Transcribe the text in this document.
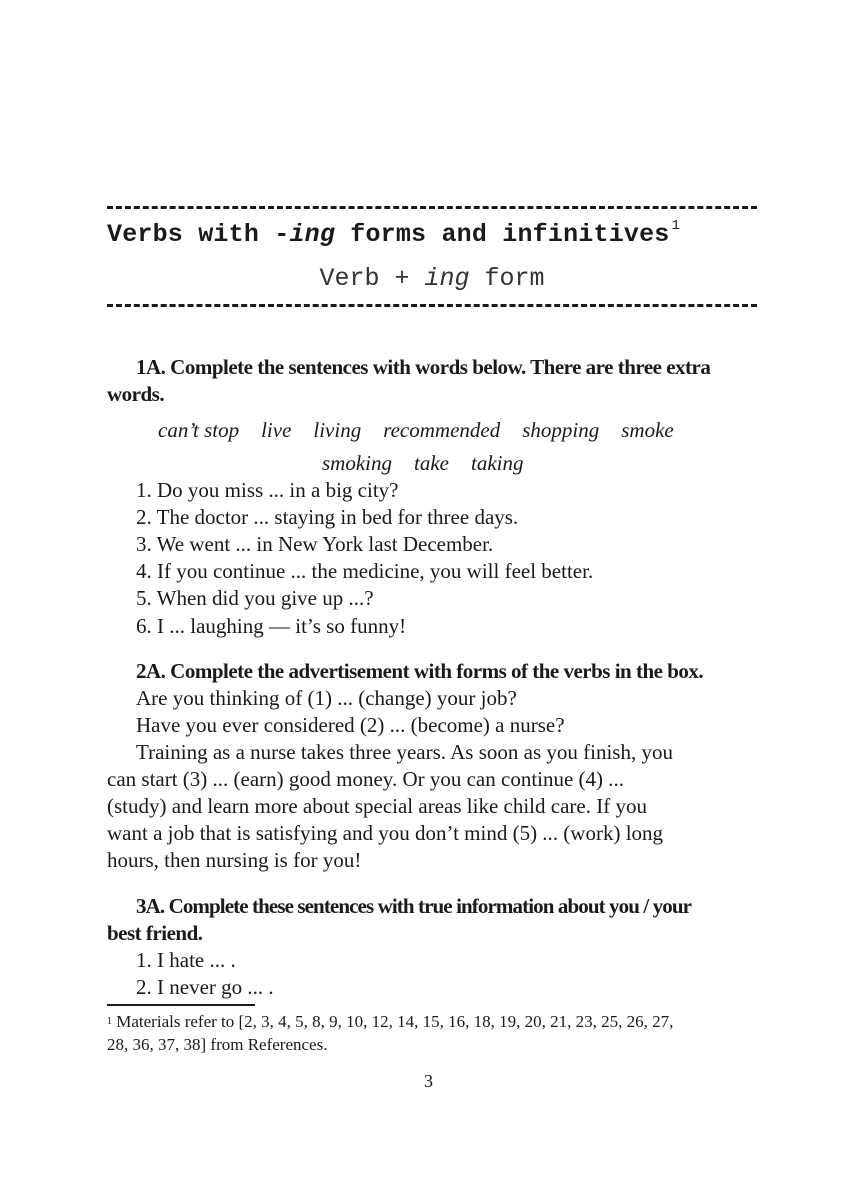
Verbs with -ing forms and infinitives $^1$
Verb + ing form
1A. Complete the sentences with words below. There are three extra
words.
can’t stop live living recommended shopping smoke
smoking take taking
1. Do you miss ... in a big city?
2. The doctor ... staying in bed for three days.
3. We went ... in New York last December.
4. If you continue ... the medicine, you will feel better.
5. When did you give up ...?
6. I ... laughing — it’s so funny!
2A. Complete the advertisement with forms of the verbs in the box.
Are you thinking of (1) ... (change) your job?
Have you ever considered (2) ... (become) a nurse?
Training as a nurse takes three years. As soon as you finish, you
can start (3) ... (earn) good money. Or you can continue (4) ...
(study) and learn more about special areas like child care. If you
want a job that is satisfying and you don’t mind (5) ... (work) long
hours, then nursing is for you!
3A. Complete these sentences with true information about you / your
best friend.
1. I hate ... .
2. I never go ... .
$^1$ Materials refer to [2, 3, 4, 5, 8, 9, 10, 12, 14, 15, 16, 18, 19, 20, 21, 23, 25, 26, 27,
28, 36, 37, 38] from References.
3
